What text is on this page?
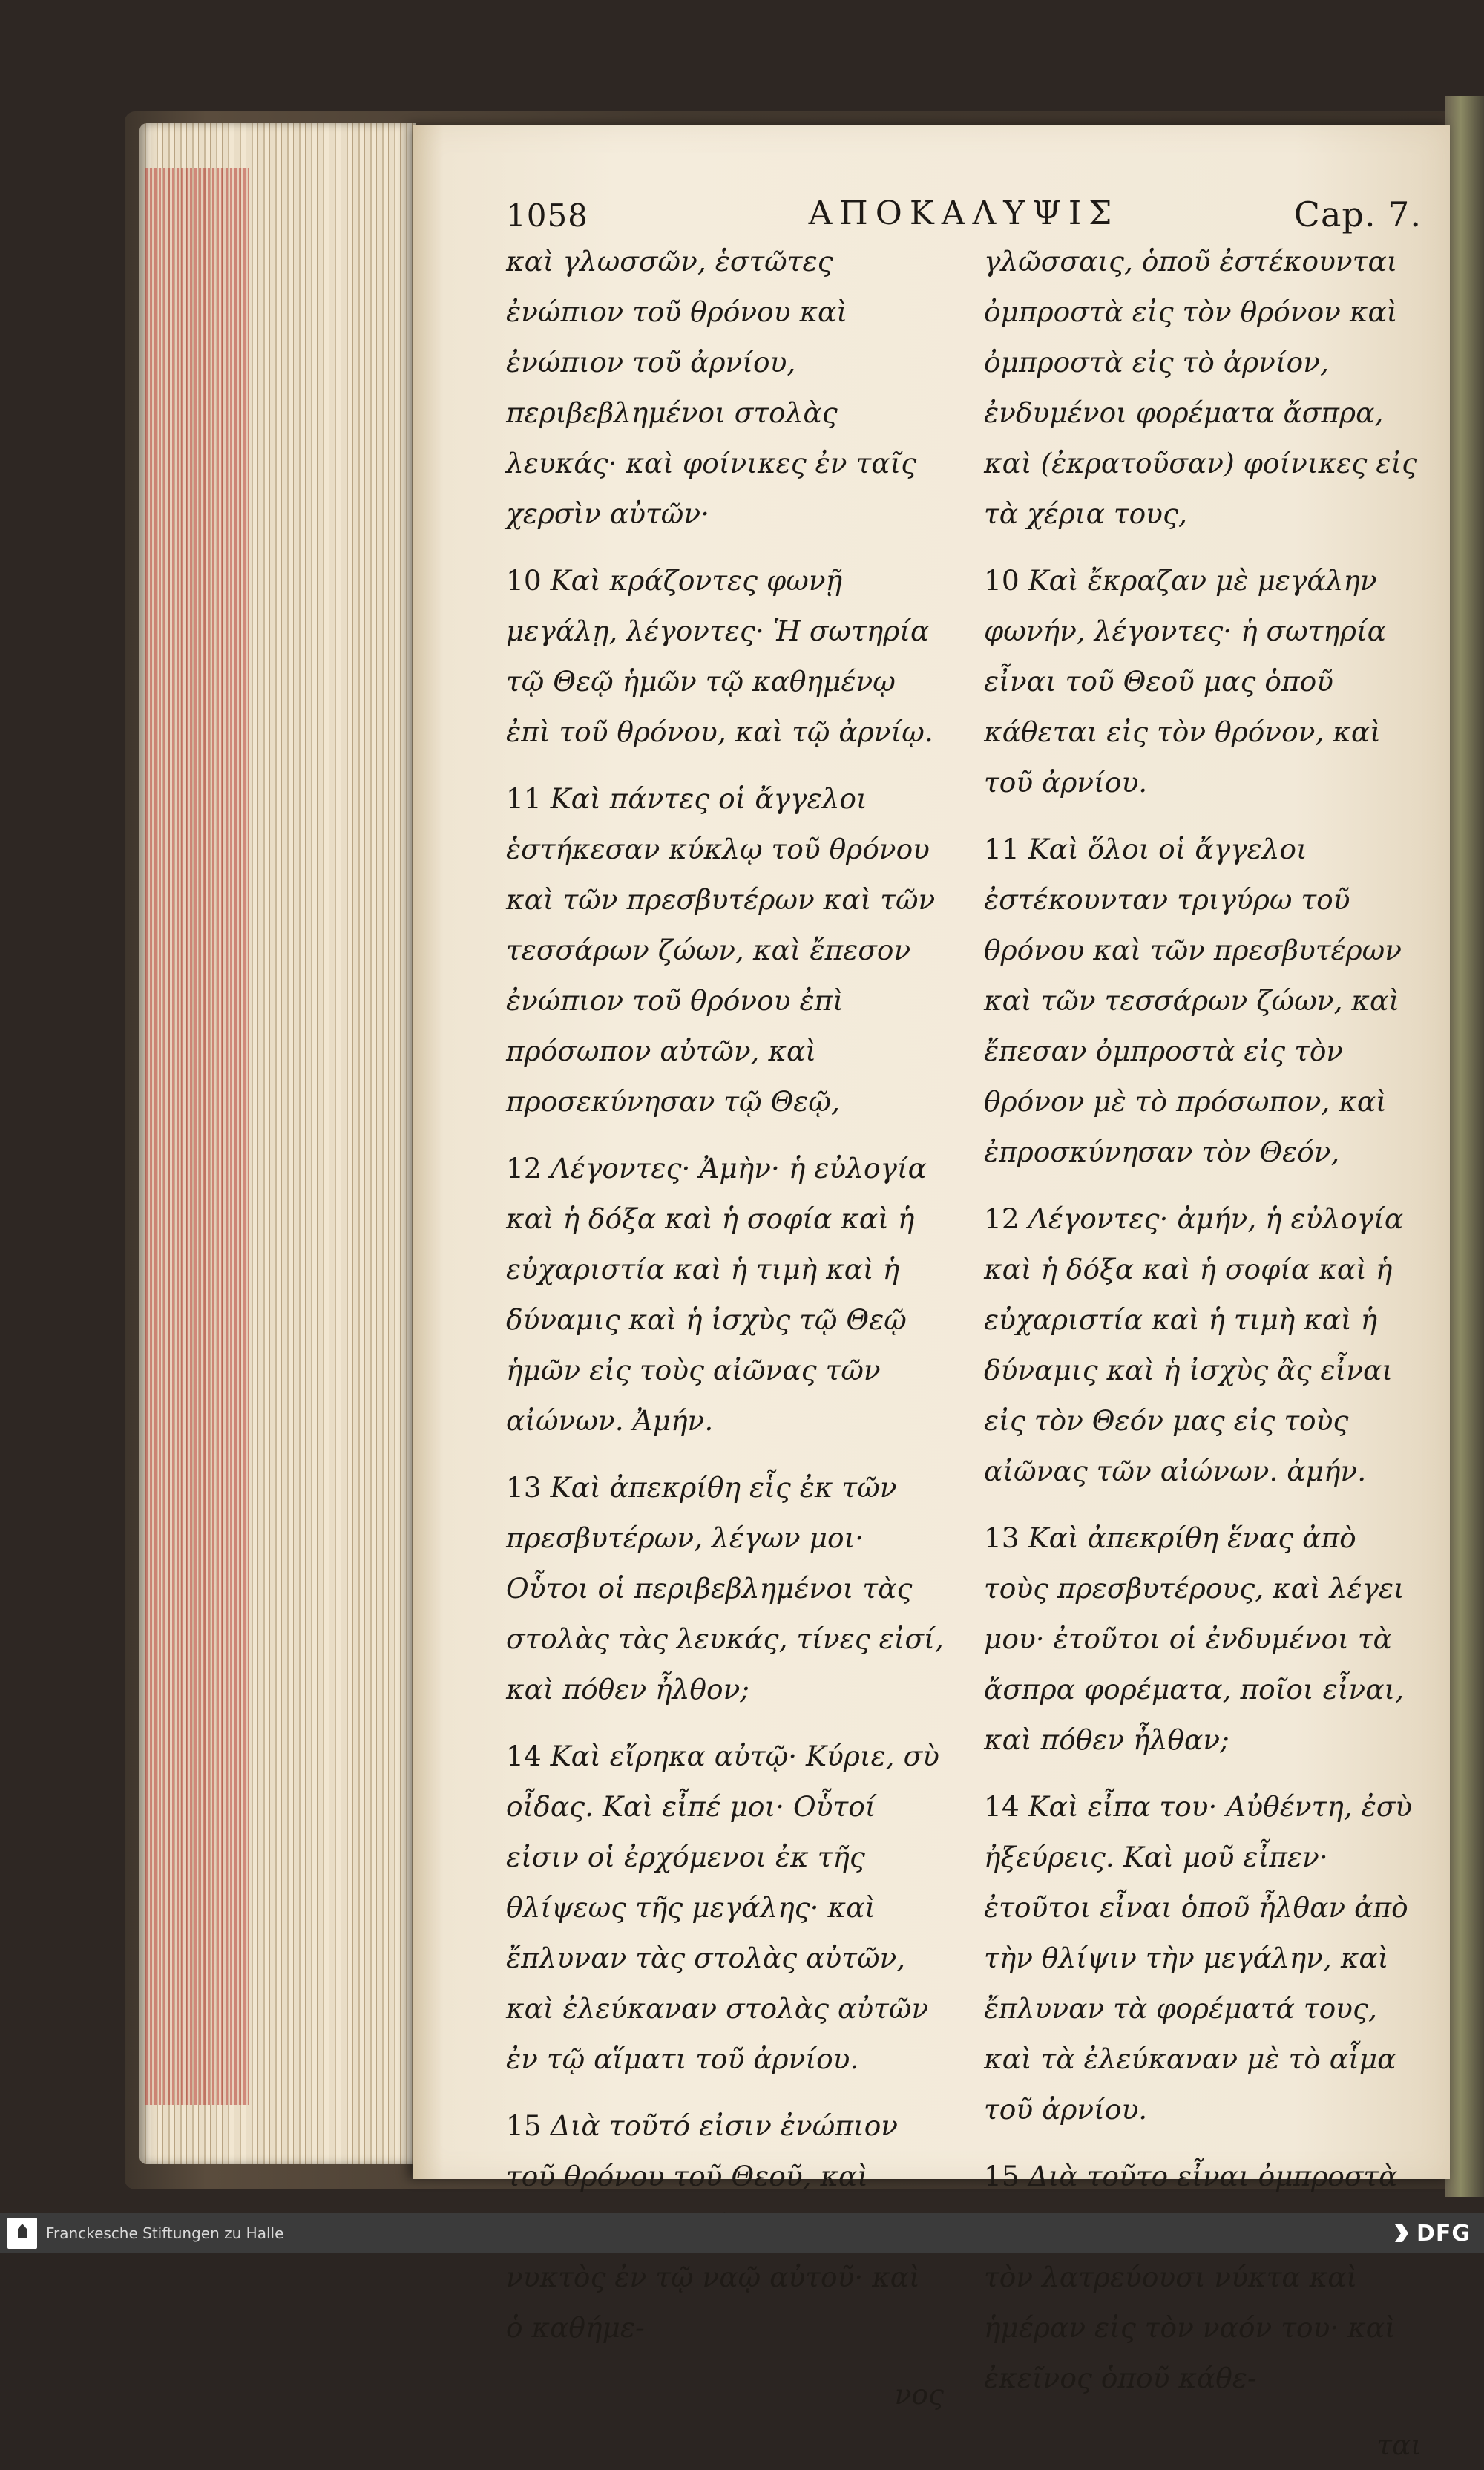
1058	ΑΠΟΚΑΛΥΨΙΣ	Cap. 7.

καὶ γλωσσῶν, ἑστῶτες ἐνώπιον τοῦ θρόνου καὶ ἐνώπιον τοῦ ἀρνίου, περιβεβλημένοι στολὰς λευκάς· καὶ φοίνικες ἐν ταῖς χερσὶν αὐτῶν·

10 Καὶ κράζοντες φωνῇ μεγάλῃ, λέγοντες· Ἡ σωτηρία τῷ Θεῷ ἡμῶν τῷ καθημένῳ ἐπὶ τοῦ θρόνου, καὶ τῷ ἀρνίῳ.

11 Καὶ πάντες οἱ ἄγγελοι ἑστήκεσαν κύκλῳ τοῦ θρόνου καὶ τῶν πρεσβυτέρων καὶ τῶν τεσσάρων ζώων, καὶ ἔπεσον ἐνώπιον τοῦ θρόνου ἐπὶ πρόσωπον αὐτῶν, καὶ προσεκύνησαν τῷ Θεῷ,

12 Λέγοντες· Ἀμὴν· ἡ εὐλογία καὶ ἡ δόξα καὶ ἡ σοφία καὶ ἡ εὐχαριστία καὶ ἡ τιμὴ καὶ ἡ δύναμις καὶ ἡ ἰσχὺς τῷ Θεῷ ἡμῶν εἰς τοὺς αἰῶνας τῶν αἰώνων. Ἀμήν.

13 Καὶ ἀπεκρίθη εἷς ἐκ τῶν πρεσβυτέρων, λέγων μοι· Οὗτοι οἱ περιβεβλημένοι τὰς στολὰς τὰς λευκάς, τίνες εἰσί, καὶ πόθεν ἦλθον;

14 Καὶ εἴρηκα αὐτῷ· Κύριε, σὺ οἶδας. Καὶ εἶπέ μοι· Οὗτοί εἰσιν οἱ ἐρχόμενοι ἐκ τῆς θλίψεως τῆς μεγάλης· καὶ ἔπλυναν τὰς στολὰς αὐτῶν, καὶ ἐλεύκαναν στολὰς αὐτῶν ἐν τῷ αἵματι τοῦ ἀρνίου.

15 Διὰ τοῦτό εἰσιν ἐνώπιον τοῦ θρόνου τοῦ Θεοῦ, καὶ νυκτὸς ἐν τῷ ναῷ αὐτοῦ· καὶ ὁ καθήμε-

νος

γλῶσσαις, ὁποῦ ἐστέκουνται ὀμπροστὰ εἰς τὸν θρόνον καὶ ὀμπροστὰ εἰς τὸ ἀρνίον, ἐνδυμένοι φορέματα ἄσπρα, καὶ (ἐκρατοῦσαν) φοίνικες εἰς τὰ χέρια τους,

10 Καὶ ἔκραζαν μὲ μεγάλην φωνήν, λέγοντες· ἡ σωτηρία εἶναι τοῦ Θεοῦ μας ὁποῦ κάθεται εἰς τὸν θρόνον, καὶ τοῦ ἀρνίου.

11 Καὶ ὅλοι οἱ ἄγγελοι ἐστέκουνταν τριγύρω τοῦ θρόνου καὶ τῶν πρεσβυτέρων καὶ τῶν τεσσάρων ζώων, καὶ ἔπεσαν ὀμπροστὰ εἰς τὸν θρόνον μὲ τὸ πρόσωπον, καὶ ἐπροσκύνησαν τὸν Θεόν,

12 Λέγοντες· ἀμήν, ἡ εὐλογία καὶ ἡ δόξα καὶ ἡ σοφία καὶ ἡ εὐχαριστία καὶ ἡ τιμὴ καὶ ἡ δύναμις καὶ ἡ ἰσχὺς ἂς εἶναι εἰς τὸν Θεόν μας εἰς τοὺς αἰῶνας τῶν αἰώνων. ἀμήν.

13 Καὶ ἀπεκρίθη ἕνας ἀπὸ τοὺς πρεσβυτέρους, καὶ λέγει μου· ἐτοῦτοι οἱ ἐνδυμένοι τὰ ἄσπρα φορέματα, ποῖοι εἶναι, καὶ πόθεν ἦλθαν;

14 Καὶ εἶπα του· Αὐθέντη, ἐσὺ ἠξεύρεις. Καὶ μοῦ εἶπεν· ἐτοῦτοι εἶναι ὁποῦ ἦλθαν ἀπὸ τὴν θλίψιν τὴν μεγάλην, καὶ ἔπλυναν τὰ φορέματά τους, καὶ τὰ ἐλεύκαναν μὲ τὸ αἷμα τοῦ ἀρνίου.

15 Διὰ τοῦτο εἶναι ὀμπροστὰ τὸν λατρεύουσι νύκτα καὶ ἡμέραν εἰς τὸν ναόν του· καὶ ἐκεῖνος ὁποῦ κάθε-

ται
Franckesche Stiftungen zu Halle	DFG
